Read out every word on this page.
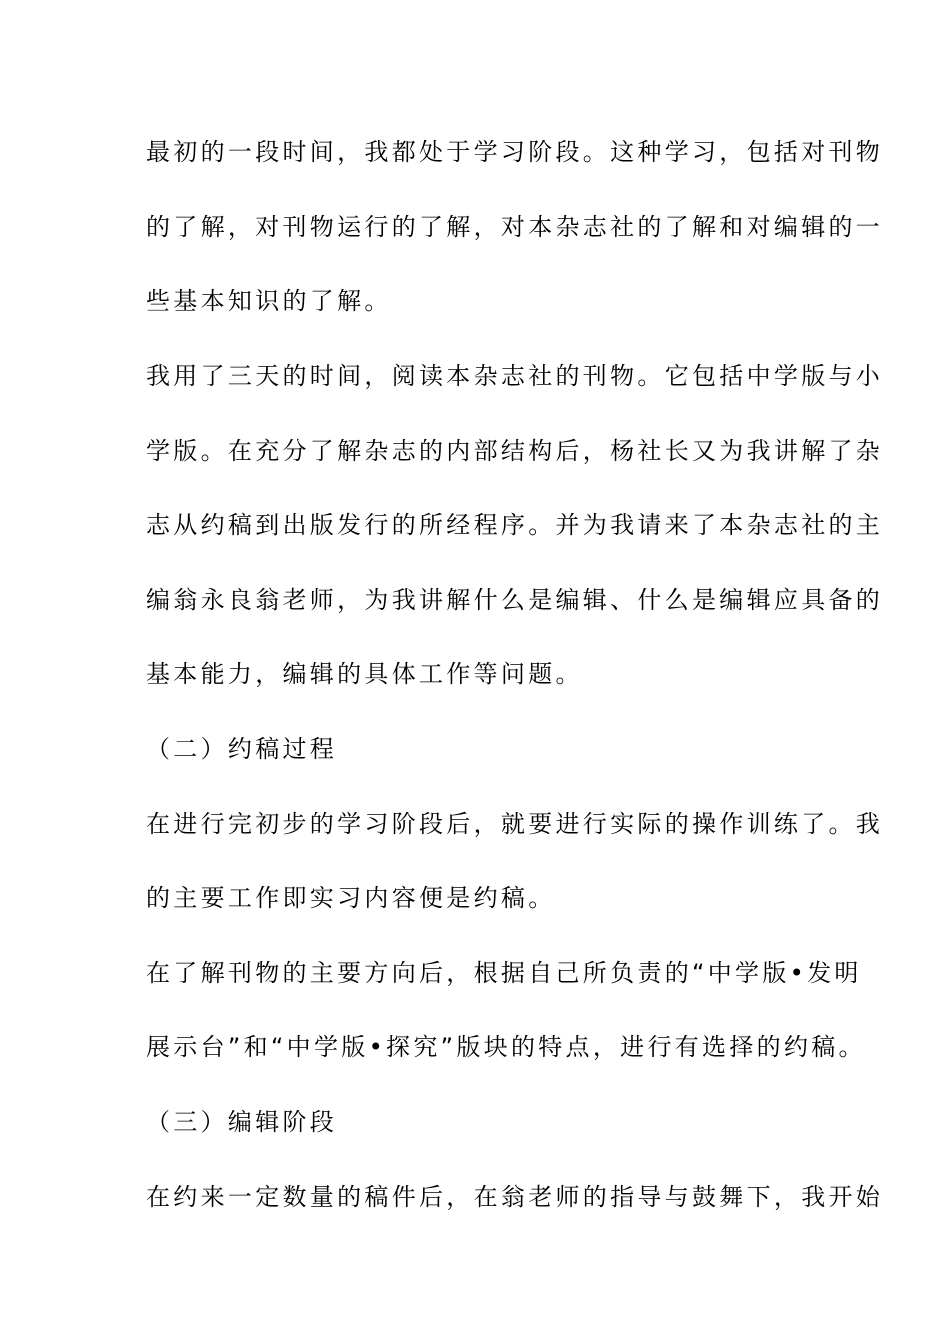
最初的一段时间，我都处于学习阶段。这种学习，包括对刊物
的了解，对刊物运行的了解，对本杂志社的了解和对编辑的一
些基本知识的了解。
我用了三天的时间，阅读本杂志社的刊物。它包括中学版与小
学版。在充分了解杂志的内部结构后，杨社长又为我讲解了杂
志从约稿到出版发行的所经程序。并为我请来了本杂志社的主
编翁永良翁老师，为我讲解什么是编辑、什么是编辑应具备的
基本能力，编辑的具体工作等问题。
（二）约稿过程
在进行完初步的学习阶段后，就要进行实际的操作训练了。我
的主要工作即实习内容便是约稿。
在了解刊物的主要方向后，根据自己所负责的“中学版•发明
展示台”和“中学版•探究”版块的特点，进行有选择的约稿。
（三）编辑阶段
在约来一定数量的稿件后，在翁老师的指导与鼓舞下，我开始
